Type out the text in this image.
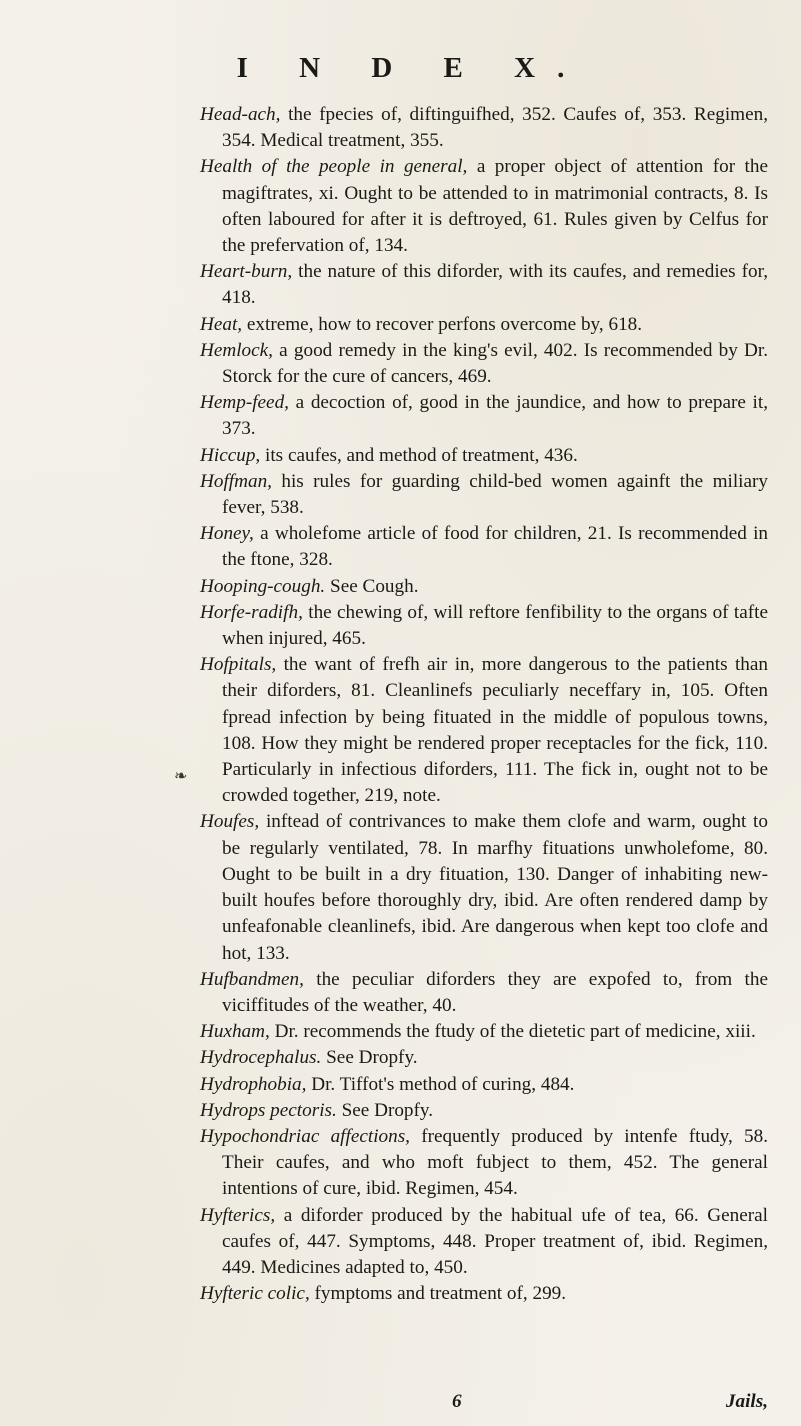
I N D E X.
❧

Head-ach, the fpecies of, diftinguifhed, 352. Caufes of, 353. Regimen, 354. Medical treatment, 355.

Health of the people in general, a proper object of attention for the magiftrates, xi. Ought to be attended to in matrimonial contracts, 8. Is often laboured for after it is deftroyed, 61. Rules given by Celfus for the prefervation of, 134.

Heart-burn, the nature of this diforder, with its caufes, and remedies for, 418.

Heat, extreme, how to recover perfons overcome by, 618.

Hemlock, a good remedy in the king's evil, 402. Is recommended by Dr. Storck for the cure of cancers, 469.

Hemp-feed, a decoction of, good in the jaundice, and how to prepare it, 373.

Hiccup, its caufes, and method of treatment, 436.

Hoffman, his rules for guarding child-bed women againft the miliary fever, 538.

Honey, a wholefome article of food for children, 21. Is recommended in the ftone, 328.

Hooping-cough. See Cough.

Horfe-radifh, the chewing of, will reftore fenfibility to the organs of tafte when injured, 465.

Hofpitals, the want of frefh air in, more dangerous to the patients than their diforders, 81. Cleanlinefs peculiarly neceffary in, 105. Often fpread infection by being fituated in the middle of populous towns, 108. How they might be rendered proper receptacles for the fick, 110. Particularly in infectious diforders, 111. The fick in, ought not to be crowded together, 219, note.

Houfes, inftead of contrivances to make them clofe and warm, ought to be regularly ventilated, 78. In marfhy fituations unwholefome, 80. Ought to be built in a dry fituation, 130. Danger of inhabiting new-built houfes before thoroughly dry, ibid. Are often rendered damp by unfeafonable cleanlinefs, ibid. Are dangerous when kept too clofe and hot, 133.

Hufbandmen, the peculiar diforders they are expofed to, from the viciffitudes of the weather, 40.

Huxham, Dr. recommends the ftudy of the dietetic part of medicine, xiii.

Hydrocephalus. See Dropfy.

Hydrophobia, Dr. Tiffot's method of curing, 484.

Hydrops pectoris. See Dropfy.

Hypochondriac affections, frequently produced by intenfe ftudy, 58. Their caufes, and who moft fubject to them, 452. The general intentions of cure, ibid. Regimen, 454.

Hyfterics, a diforder produced by the habitual ufe of tea, 66. General caufes of, 447. Symptoms, 448. Proper treatment of, ibid. Regimen, 449. Medicines adapted to, 450.

Hyfteric colic, fymptoms and treatment of, 299.

6	Jails,
